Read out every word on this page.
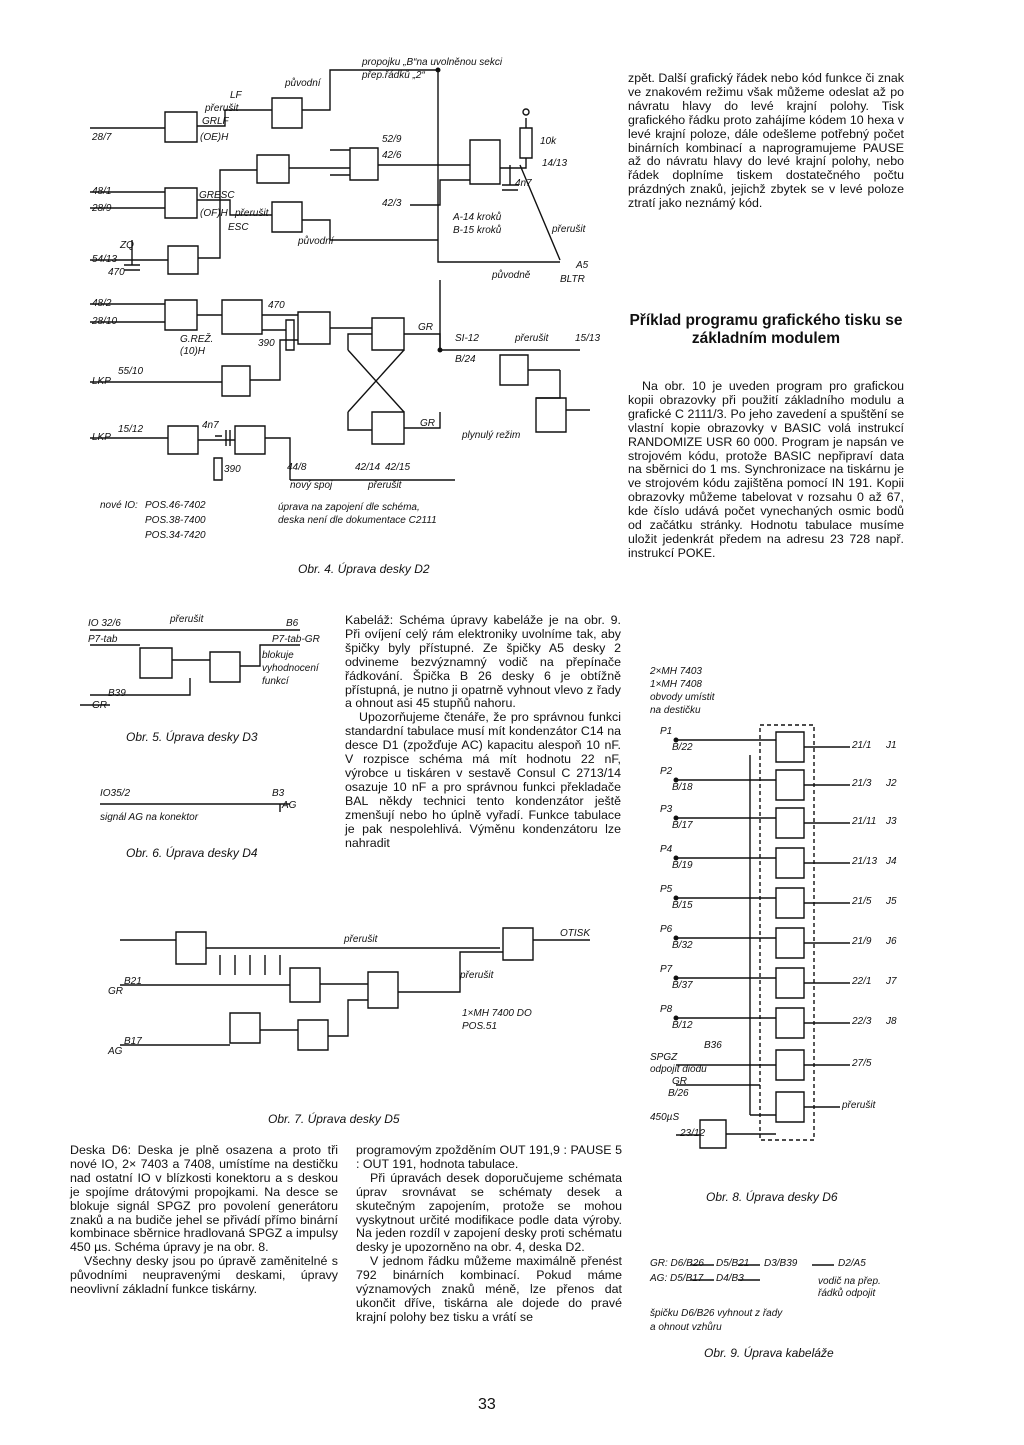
původní
propojku „B“na uvolněnou sekci
přep.řádků „2“
LF
přerušit
GRLF
(OE)H
28/7
48/1
28/9
GRESC
(OF)H přerušit
ESC
původní
54/13
ZQ
470
52/9
42/6
42/3
A-14 kroků
B-15 kroků
10k
14/13
4n7
přerušit
původně
A5
BLTR
48/2
28/10
G.REŽ.
(10)H
470
390
55/10
LKP
15/12
LKP
4n7
390
GR
GR
SI-12	přerušit	15/13
B/24
plynulý režim
44/8	42/14 42/15
nový spoj	přerušit
nové IO: POS.46-7402
POS.38-7400
POS.34-7420
úprava na zapojení dle schéma,
deska není dle dokumentace C2111
Obr. 4. Úprava desky D2
IO 32/6	přerušit	B6
P7-tab	P7-tab-GR
blokuje
vyhodnocení
funkcí
B39
GR
Obr. 5. Úprava desky D3
IO35/2	B3
AG
signál AG na konektor
Obr. 6. Úprava desky D4

Kabeláž: Schéma úpravy kabeláže je na obr. 9. Při ovíjení celý rám elektroniky uvolníme tak, aby špičky byly přístupné. Ze špičky A5 desky 2 odvineme bezvýznamný vodič na přepínače řádkování. Špička B 26 desky 6 je obtížně přístupná, je nutno ji opatrně vyhnout vlevo z řady a ohnout asi 45 stupňů nahoru.

Upozorňujeme čtenáře, že pro správnou funkci standardní tabulace musí mít kondenzátor C14 na desce D1 (zpožďuje AC) kapacitu alespoň 10 nF. V rozpisce schéma má mít hodnotu 22 nF, výrobce u tiskáren v sestavě Consul C 2713/14 osazuje 10 nF a pro správnou funkci překladače BAL někdy technici tento kondenzátor ještě zmenšují nebo ho úplně vyřadí. Funkce tabulace je pak nespolehlivá. Výměnu kondenzátoru lze nahradit

B21
GR
B17
AG
přerušit
přerušit
OTISK
1×MH 7400 DO
POS.51
Obr. 7. Úprava desky D5

zpět. Další grafický řádek nebo kód funkce či znak ve znakovém režimu však můžeme odeslat až po návratu hlavy do levé krajní polohy. Tisk grafického řádku proto zahájíme kódem 10 hexa v levé krajní poloze, dále odešleme potřebný počet binárních kombinací a naprogramujeme PAUSE až do návratu hlavy do levé krajní polohy, nebo řádek doplníme tiskem dostatečného počtu prázdných znaků, jejichž zbytek se v levé poloze ztratí jako neznámý kód.

Příklad programu grafického tisku se základním modulem

Na obr. 10 je uveden program pro grafickou kopii obrazovky při použití základního modulu a grafické C 2111/3. Po jeho zavedení a spuštění se vlastní kopie obrazovky v BASIC volá instrukcí RANDOMIZE USR 60 000. Program je napsán ve strojovém kódu, protože BASIC nepřipraví data na sběrnici do 1 ms. Synchronizace na tiskárnu je ve strojovém kódu zajištěna pomocí IN 191. Kopii obrazovky můžeme tabelovat v rozsahu 0 až 67, kde číslo udává počet vynechaných osmic bodů od začátku stránky. Hodnotu tabulace musíme uložit jedenkrát předem na adresu 23 728 např. instrukcí POKE.

2×MH 7403
1×MH 7408
obvody umístit
na destičku
P1
B/22	21/1 J1
P2
B/18	21/3 J2
P3
B/17	21/11 J3
P4
B/19	21/13 J4
P5
B/15	21/5 J5
P6
B/32	21/9 J6
P7
B/37	22/1 J7
P8
B/12	22/3 J8
B36
SPGZ
odpojit diodu
GR
B/26
27/5
450µS
23/12
přerušit
Obr. 8. Úprava desky D6
GR: D6/B26 D5/B21 D3/B39	D2/A5
AG: D5/B17 D4/B3	vodič na přep.
řádků odpojit
špičku D6/B26 vyhnout z řady
a ohnout vzhůru
Obr. 9. Úprava kabeláže

Deska D6: Deska je plně osazena a proto tři nové IO, 2× 7403 a 7408, umístíme na destičku nad ostatní IO v blízkosti konektoru a s deskou je spojíme drátovými propojkami. Na desce se blokuje signál SPGZ pro povolení generátoru znaků a na budiče jehel se přivádí přímo binární kombinace sběrnice hradlovaná SPGZ a impulsy 450 µs. Schéma úpravy je na obr. 8.

Všechny desky jsou po úpravě zaměnitelné s původními neupravenými deskami, úpravy neovlivní základní funkce tiskárny.

programovým zpožděním OUT 191,9 : PAUSE 5 : OUT 191, hodnota tabulace.

Při úpravách desek doporučujeme schémata úprav srovnávat se schématy desek a skutečným zapojením, protože se mohou vyskytnout určité modifikace podle data výroby. Na jeden rozdíl v zapojení desky proti schématu desky je upozorněno na obr. 4, deska D2.

V jednom řádku můžeme maximálně přenést 792 binárních kombinací. Pokud máme významových znaků méně, lze přenos dat ukončit dříve, tiskárna ale dojede do pravé krajní polohy bez tisku a vrátí se

33
